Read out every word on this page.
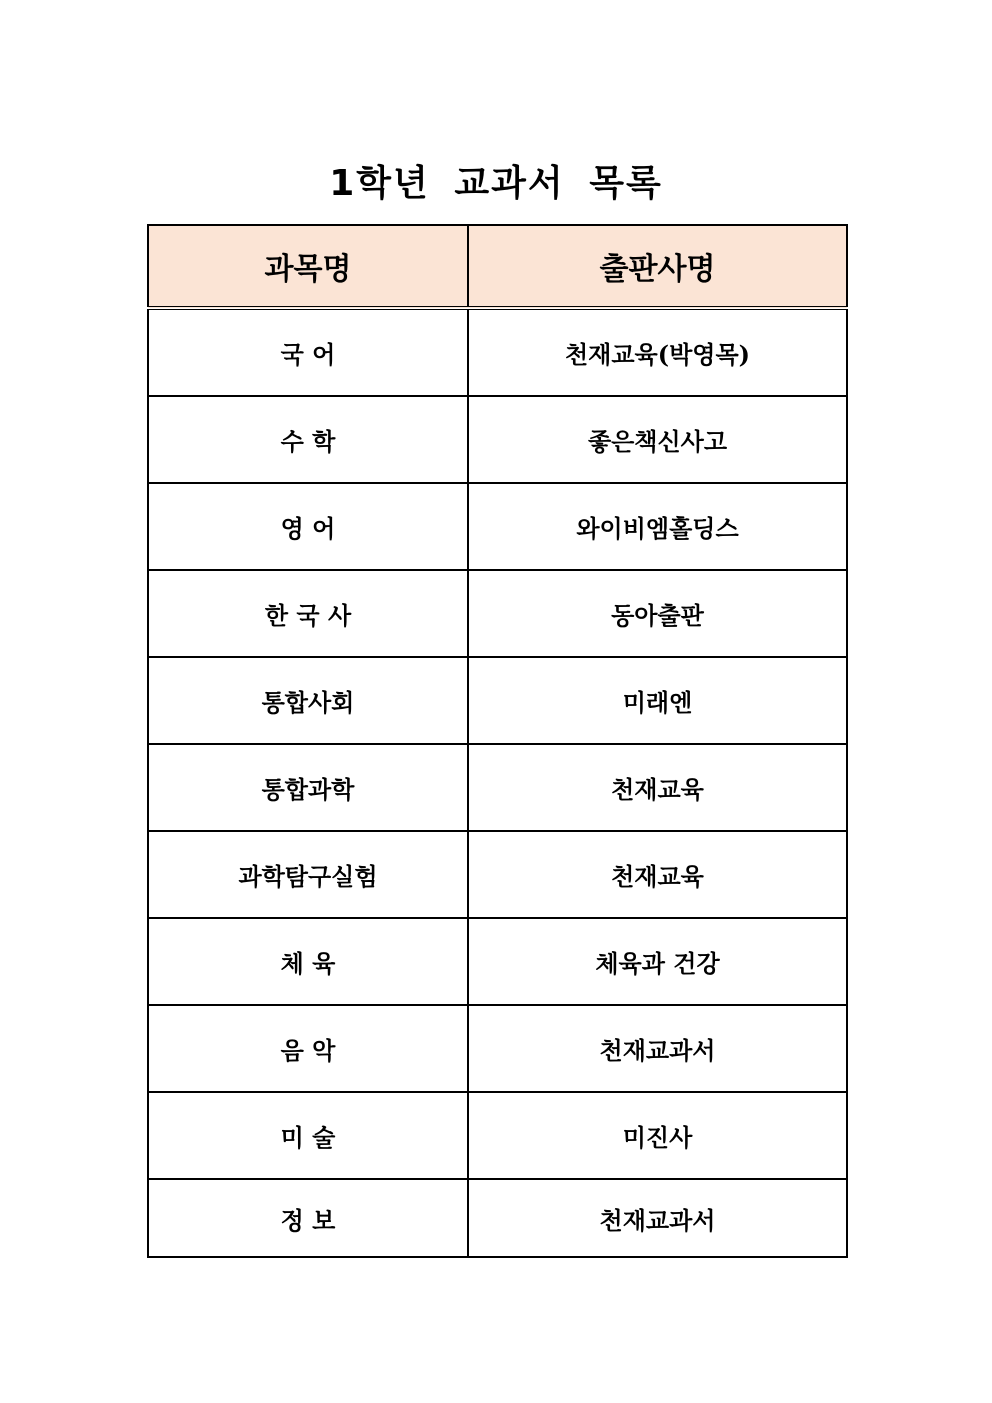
1학년 교과서 목록
과목명	출판사명
국 어	천재교육(박영목)
수 학	좋은책신사고
영 어	와이비엠홀딩스
한 국 사	동아출판
통합사회	미래엔
통합과학	천재교육
과학탐구실험	천재교육
체 육	체육과 건강
음 악	천재교과서
미 술	미진사
정 보	천재교과서
